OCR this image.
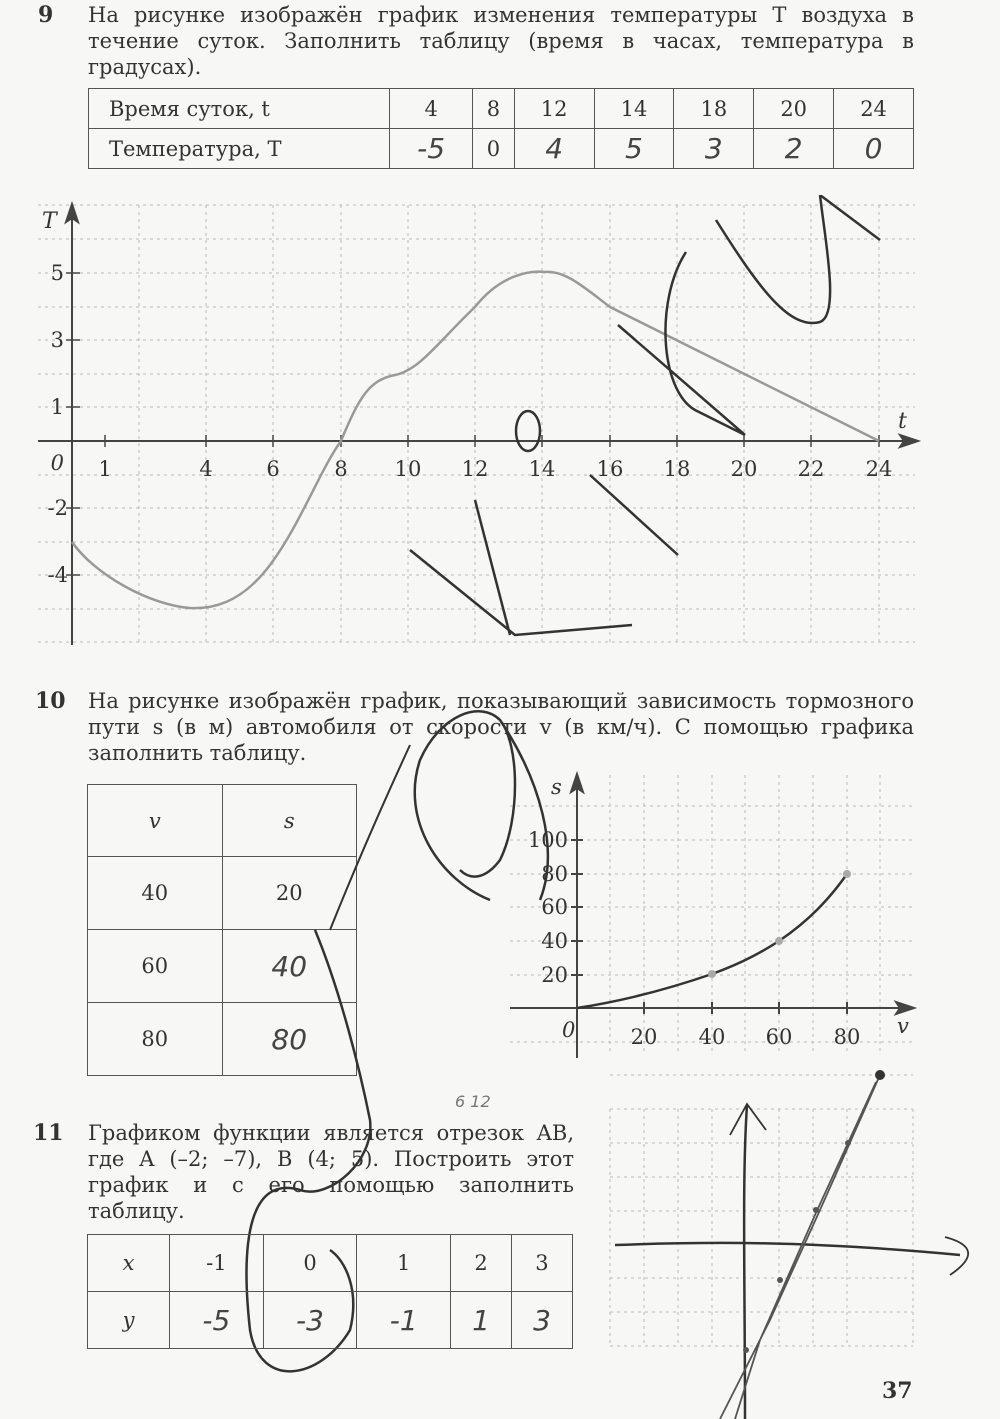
9 На рисунке изображён график изменения температуры T воздуха в течение суток. Заполнить таблицу (время в часах, температура в градусах).
Время суток, t	4	8	12	14	18	20	24
Температура, T	-5	0	4	5	3	2	0
1	4	6	8 10 12 14 16 18 20 22 24
5
3
1
0
-2
-4
T
t
10 На рисунке изображён график, показывающий зависимость тормозного пути s (в м) автомобиля от скорости v (в км/ч). С помощью графика заполнить таблицу.
v	s
40	20
60	40
80	80	20 40 60 80
20
40
60
80
100
0
s
v
6 12
11 Графиком функции является отрезок AB, где A (–2; –7), B (4; 5). Построить этот график и с его помощью заполнить таблицу.
x	-1	0	1	2	3
y	-5	-3	-1	1	3
37
